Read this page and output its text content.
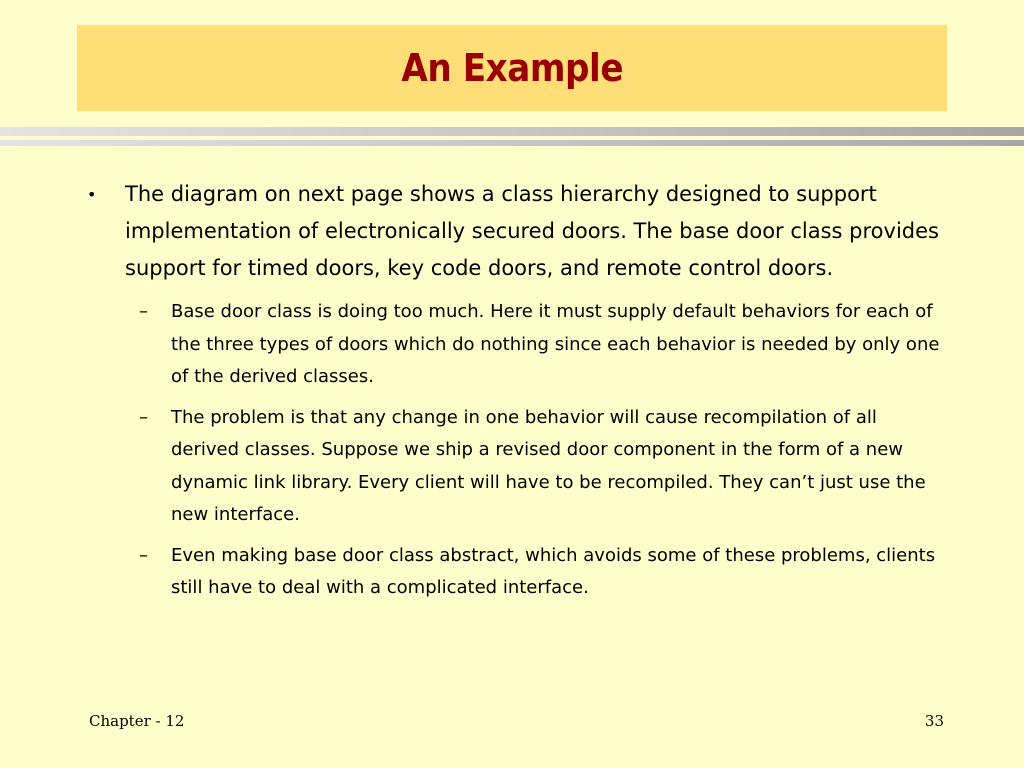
An Example
• The diagram on next page shows a class hierarchy designed to support implementation of electronically secured doors. The base door class provides support for timed doors, key code doors, and remote control doors.
– Base door class is doing too much. Here it must supply default behaviors for each of the three types of doors which do nothing since each behavior is needed by only one of the derived classes.
– The problem is that any change in one behavior will cause recompilation of all derived classes. Suppose we ship a revised door component in the form of a new dynamic link library. Every client will have to be recompiled. They can’t just use the new interface.
– Even making base door class abstract, which avoids some of these problems, clients still have to deal with a complicated interface.
Chapter - 12	33
